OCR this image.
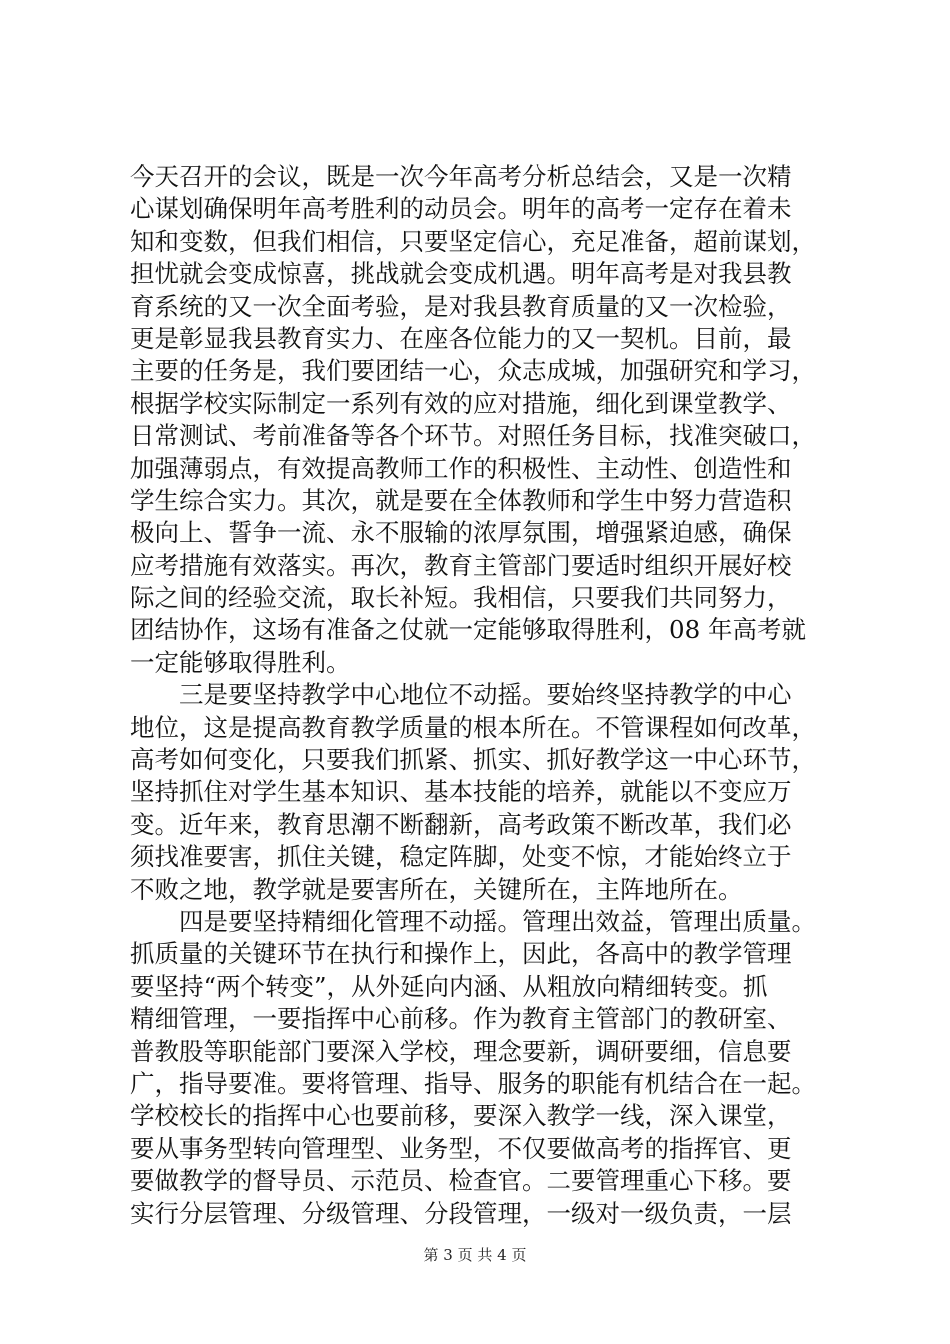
今天召开的会议，既是一次今年高考分析总结会，又是一次精
心谋划确保明年高考胜利的动员会。明年的高考一定存在着未
知和变数，但我们相信，只要坚定信心，充足准备，超前谋划，
担忧就会变成惊喜，挑战就会变成机遇。明年高考是对我县教
育系统的又一次全面考验，是对我县教育质量的又一次检验，
更是彰显我县教育实力、在座各位能力的又一契机。目前，最
主要的任务是，我们要团结一心，众志成城，加强研究和学习，
根据学校实际制定一系列有效的应对措施，细化到课堂教学、
日常测试、考前准备等各个环节。对照任务目标，找准突破口，
加强薄弱点，有效提高教师工作的积极性、主动性、创造性和
学生综合实力。其次，就是要在全体教师和学生中努力营造积
极向上、誓争一流、永不服输的浓厚氛围，增强紧迫感，确保
应考措施有效落实。再次，教育主管部门要适时组织开展好校
际之间的经验交流，取长补短。我相信，只要我们共同努力，
团结协作，这场有准备之仗就一定能够取得胜利，08 年高考就
一定能够取得胜利。
　　三是要坚持教学中心地位不动摇。要始终坚持教学的中心
地位，这是提高教育教学质量的根本所在。不管课程如何改革，
高考如何变化，只要我们抓紧、抓实、抓好教学这一中心环节，
坚持抓住对学生基本知识、基本技能的培养，就能以不变应万
变。近年来，教育思潮不断翻新，高考政策不断改革，我们必
须找准要害，抓住关键，稳定阵脚，处变不惊，才能始终立于
不败之地，教学就是要害所在，关键所在，主阵地所在。
　　四是要坚持精细化管理不动摇。管理出效益，管理出质量。
抓质量的关键环节在执行和操作上，因此，各高中的教学管理
要坚持“两个转变”，从外延向内涵、从粗放向精细转变。抓
精细管理，一要指挥中心前移。作为教育主管部门的教研室、
普教股等职能部门要深入学校，理念要新，调研要细，信息要
广，指导要准。要将管理、指导、服务的职能有机结合在一起。
学校校长的指挥中心也要前移，要深入教学一线，深入课堂，
要从事务型转向管理型、业务型，不仅要做高考的指挥官、更
要做教学的督导员、示范员、检查官。二要管理重心下移。要
实行分层管理、分级管理、分段管理，一级对一级负责，一层
第 3 页 共 4 页
